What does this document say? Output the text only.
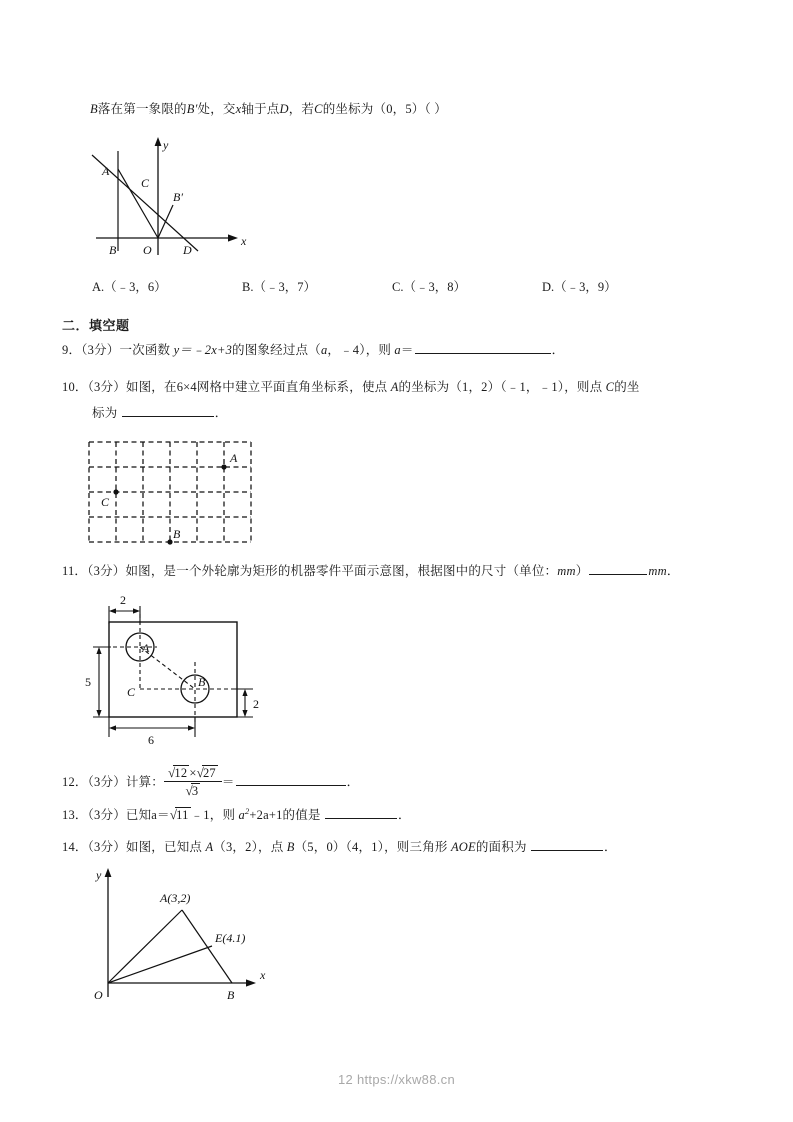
B落在第一象限的B′处，交x轴于点D，若C的坐标为（0，5）（ ）
A
C
B′
B O	D
x
y
A.（﹣3，6）	B.（﹣3，7）	C.（﹣3，8）	D.（﹣3，9）
二．填空题
9．（3分）一次函数 y＝﹣2x+3的图象经过点（a，﹣4），则 a＝	．
10．（3分）如图，在6×4网格中建立平面直角坐标系，使点 A的坐标为（1，2）（﹣1，﹣1），则点 C的坐
标为	．
A
C
B
11．（3分）如图，是一个外轮廓为矩形的机器零件平面示意图，根据图中的尺寸（单位：mm）	mm．
2
5
6
2
A
B
C
12．（3分）计算： $\frac{√12 \times√27}{√3}$ ＝	．
13．（3分）已知a＝√11 ﹣1，则 $a^2+2a+1$的值是	．
14．（3分）如图，已知点 A（3，2），点 B（5，0）（4，1），则三角形 AOE的面积为	．
A(3,2)
E(4.1)
O	B
x
y
12 https://xkw88.cn
